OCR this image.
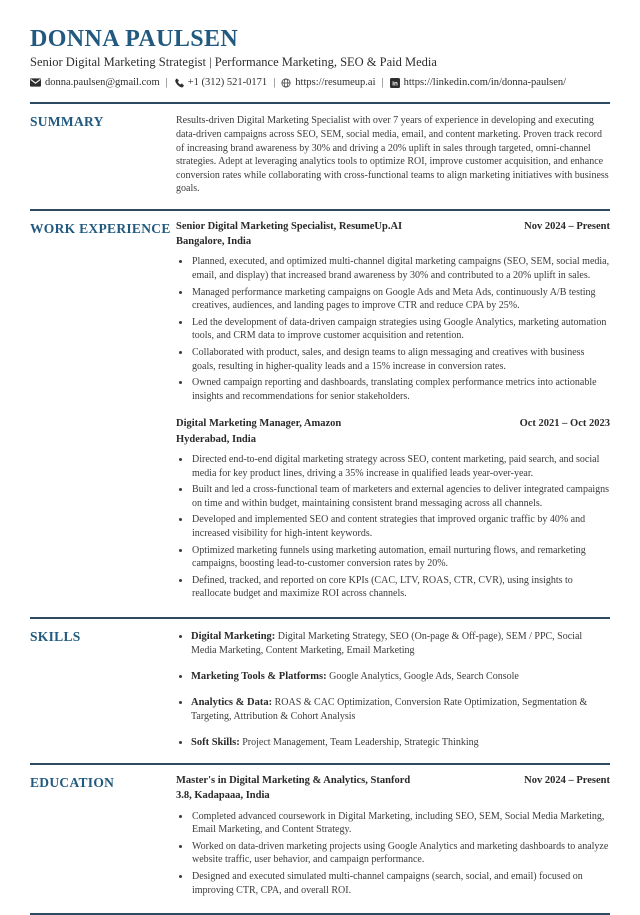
DONNA PAULSEN
Senior Digital Marketing Strategist | Performance Marketing, SEO & Paid Media
donna.paulsen@gmail.com | +1 (312) 521-0171 | https://resumeup.ai | in https://linkedin.com/in/donna-paulsen/
SUMMARY	Results-driven Digital Marketing Specialist with over 7 years of experience in developing and executing data-driven campaigns across SEO, SEM, social media, email, and content marketing. Proven track record of increasing brand awareness by 30% and driving a 20% uplift in sales through targeted, omni-channel strategies. Adept at leveraging analytics tools to optimize ROI, improve customer acquisition, and enhance conversion rates while collaborating with cross-functional teams to align marketing initiatives with business goals.

WORK EXPERIENCE Senior Digital Marketing Specialist, ResumeUp.AI	Nov 2024 – Present
Bangalore, India
• Planned, executed, and optimized multi-channel digital marketing campaigns (SEO, SEM, social media, email, and display) that increased brand awareness by 30% and contributed to a 20% uplift in sales.
• Managed performance marketing campaigns on Google Ads and Meta Ads, continuously A/B testing creatives, audiences, and landing pages to improve CTR and reduce CPA by 25%.
• Led the development of data-driven campaign strategies using Google Analytics, marketing automation tools, and CRM data to improve customer acquisition and retention.
• Collaborated with product, sales, and design teams to align messaging and creatives with business goals, resulting in higher-quality leads and a 15% increase in conversion rates.
• Owned campaign reporting and dashboards, translating complex performance metrics into actionable insights and recommendations for senior stakeholders.
Digital Marketing Manager, Amazon	Oct 2021 – Oct 2023
Hyderabad, India
• Directed end-to-end digital marketing strategy across SEO, content marketing, paid search, and social media for key product lines, driving a 35% increase in qualified leads year-over-year.
• Built and led a cross-functional team of marketers and external agencies to deliver integrated campaigns on time and within budget, maintaining consistent brand messaging across all channels.
• Developed and implemented SEO and content strategies that improved organic traffic by 40% and increased visibility for high-intent keywords.
• Optimized marketing funnels using marketing automation, email nurturing flows, and remarketing campaigns, boosting lead-to-customer conversion rates by 20%.
• Defined, tracked, and reported on core KPIs (CAC, LTV, ROAS, CTR, CVR), using insights to reallocate budget and maximize ROI across channels.
SKILLS	• Digital Marketing: Digital Marketing Strategy, SEO (On-page & Off-page), SEM / PPC, Social Media Marketing, Content Marketing, Email Marketing
• Marketing Tools & Platforms: Google Analytics, Google Ads, Search Console
• Analytics & Data: ROAS & CAC Optimization, Conversion Rate Optimization, Segmentation & Targeting, Attribution & Cohort Analysis
• Soft Skills: Project Management, Team Leadership, Strategic Thinking
EDUCATION	Master's in Digital Marketing & Analytics, Stanford	Nov 2024 – Present
3.8, Kadapaaa, India
• Completed advanced coursework in Digital Marketing, including SEO, SEM, Social Media Marketing, Email Marketing, and Content Strategy.
• Worked on data-driven marketing projects using Google Analytics and marketing dashboards to analyze website traffic, user behavior, and campaign performance.
• Designed and executed simulated multi-channel campaigns (search, social, and email) focused on improving CTR, CPA, and overall ROI.
